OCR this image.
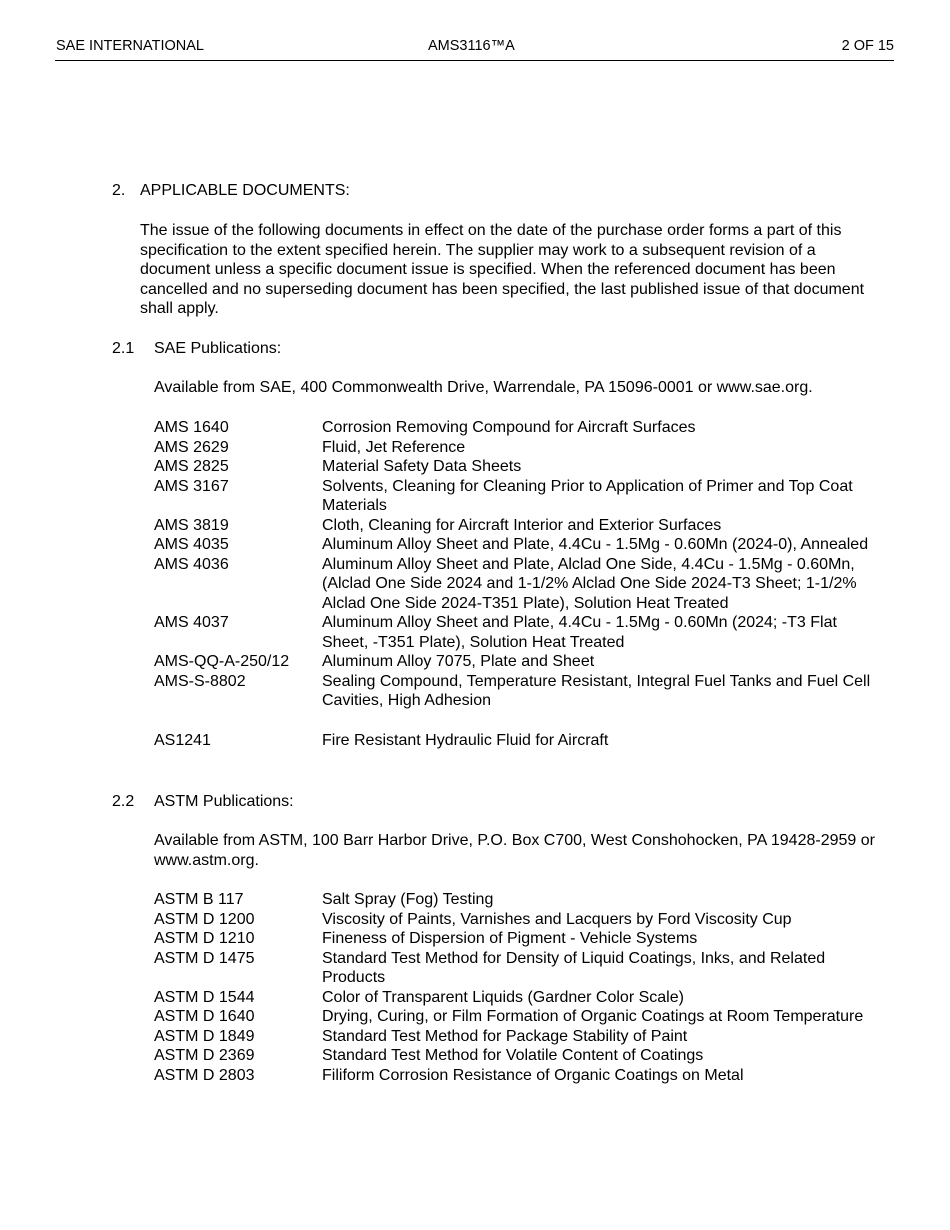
SAE INTERNATIONAL	AMS3116™A	2 OF 15
2. APPLICABLE DOCUMENTS:
The issue of the following documents in effect on the date of the purchase order forms a part of this specification to the extent specified herein. The supplier may work to a subsequent revision of a document unless a specific document issue is specified. When the referenced document has been cancelled and no superseding document has been specified, the last published issue of that document shall apply.
2.1 SAE Publications:
Available from SAE, 400 Commonwealth Drive, Warrendale, PA 15096-0001 or www.sae.org.
AMS 1640	Corrosion Removing Compound for Aircraft Surfaces
AMS 2629	Fluid, Jet Reference
AMS 2825	Material Safety Data Sheets
AMS 3167	Solvents, Cleaning for Cleaning Prior to Application of Primer and Top Coat Materials
AMS 3819	Cloth, Cleaning for Aircraft Interior and Exterior Surfaces
AMS 4035	Aluminum Alloy Sheet and Plate, 4.4Cu - 1.5Mg - 0.60Mn (2024-0), Annealed
AMS 4036	Aluminum Alloy Sheet and Plate, Alclad One Side, 4.4Cu - 1.5Mg - 0.60Mn, (Alclad One Side 2024 and 1-1/2% Alclad One Side 2024-T3 Sheet; 1-1/2% Alclad One Side 2024-T351 Plate), Solution Heat Treated
AMS 4037	Aluminum Alloy Sheet and Plate, 4.4Cu - 1.5Mg - 0.60Mn (2024; -T3 Flat Sheet, -T351 Plate), Solution Heat Treated
AMS-QQ-A-250/12	Aluminum Alloy 7075, Plate and Sheet
AMS-S-8802	Sealing Compound, Temperature Resistant, Integral Fuel Tanks and Fuel Cell Cavities, High Adhesion
AS1241	Fire Resistant Hydraulic Fluid for Aircraft
2.2 ASTM Publications:
Available from ASTM, 100 Barr Harbor Drive, P.O. Box C700, West Conshohocken, PA 19428-2959 or www.astm.org.
ASTM B 117	Salt Spray (Fog) Testing
ASTM D 1200	Viscosity of Paints, Varnishes and Lacquers by Ford Viscosity Cup
ASTM D 1210	Fineness of Dispersion of Pigment - Vehicle Systems
ASTM D 1475	Standard Test Method for Density of Liquid Coatings, Inks, and Related Products
ASTM D 1544	Color of Transparent Liquids (Gardner Color Scale)
ASTM D 1640	Drying, Curing, or Film Formation of Organic Coatings at Room Temperature
ASTM D 1849	Standard Test Method for Package Stability of Paint
ASTM D 2369	Standard Test Method for Volatile Content of Coatings
ASTM D 2803	Filiform Corrosion Resistance of Organic Coatings on Metal
